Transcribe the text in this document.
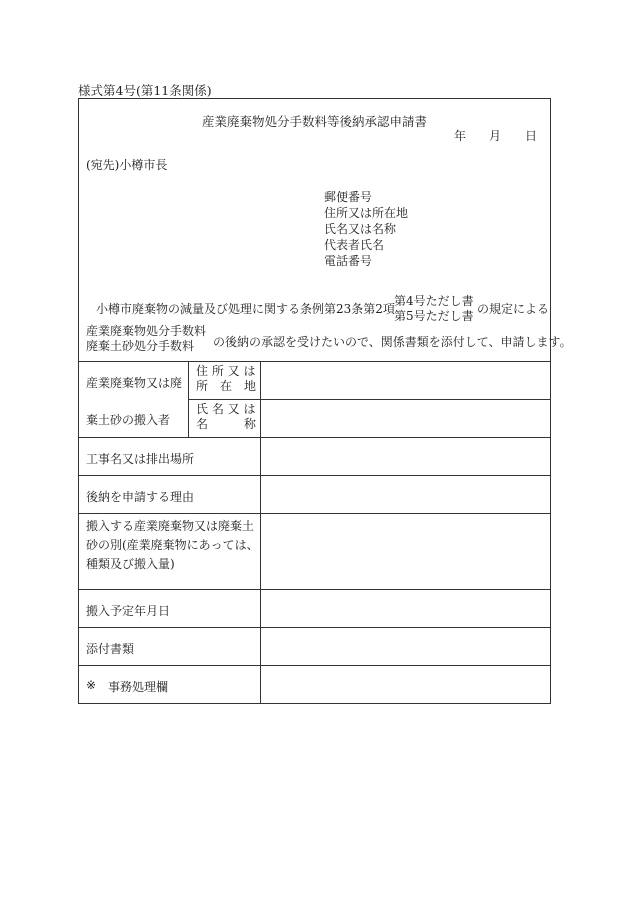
様式第4号(第11条関係)
産業廃棄物処分手数料等後納承認申請書
年 月 日
(宛先)小樽市長
郵便番号
住所又は所在地
氏名又は名称
代表者氏名
電話番号
小樽市廃棄物の減量及び処理に関する条例第23条第2項
第4号ただし書
第5号ただし書 の規定による
産業廃棄物処分手数料
廃棄土砂処分手数料	の後納の承認を受けたいので、関係書類を添付して、申請します。
産業廃棄物又は廃
棄土砂の搬入者
住 所 又 は
所　在　地
氏 名 又 は
名　　　称
工事名又は排出場所
後納を申請する理由
搬入する産業廃棄物又は廃棄土
砂の別(産業廃棄物にあっては、
種類及び搬入量)
搬入予定年月日
添付書類
※ 事務処理欄
